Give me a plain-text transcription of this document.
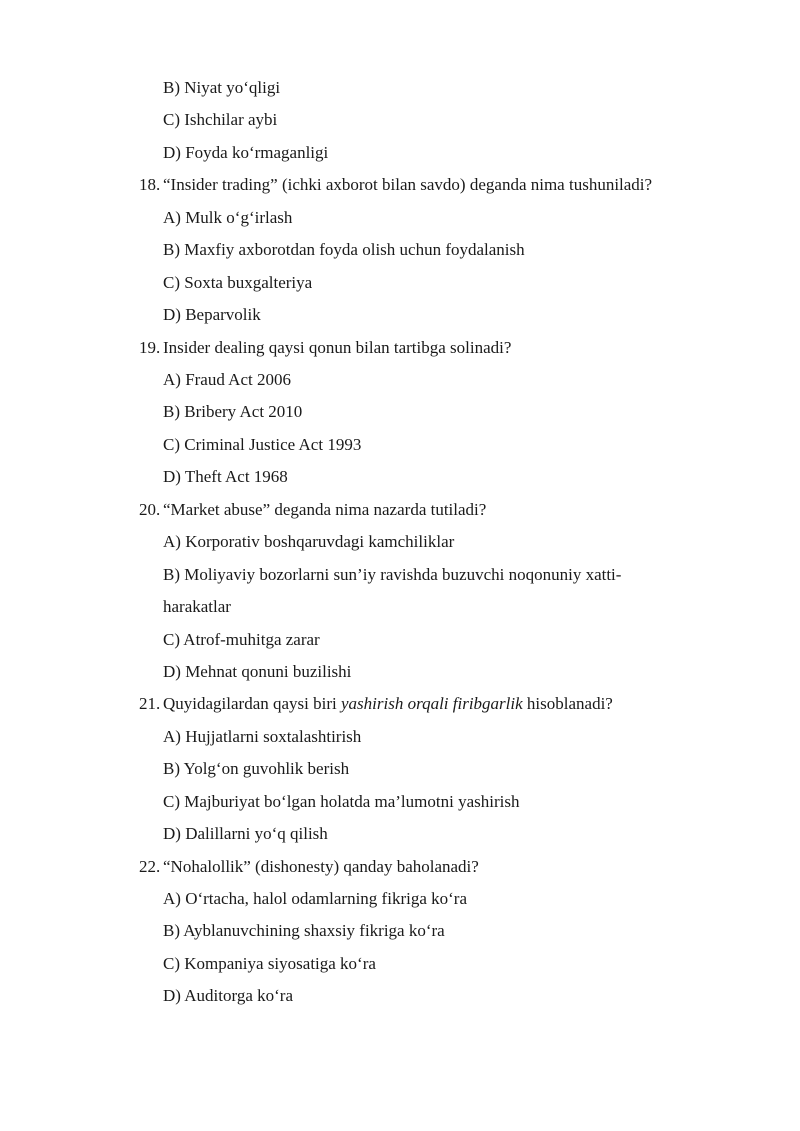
B) Niyat yo‘qligi
C) Ishchilar aybi
D) Foyda ko‘rmaganligi
18. “Insider trading” (ichki axborot bilan savdo) deganda nima tushuniladi?
A) Mulk o‘g‘irlash
B) Maxfiy axborotdan foyda olish uchun foydalanish
C) Soxta buxgalteriya
D) Beparvolik
19. Insider dealing qaysi qonun bilan tartibga solinadi?
A) Fraud Act 2006
B) Bribery Act 2010
C) Criminal Justice Act 1993
D) Theft Act 1968
20. “Market abuse” deganda nima nazarda tutiladi?
A) Korporativ boshqaruvdagi kamchiliklar
B) Moliyaviy bozorlarni sun’iy ravishda buzuvchi noqonuniy xatti-
harakatlar
C) Atrof-muhitga zarar
D) Mehnat qonuni buzilishi
21. Quyidagilardan qaysi biri yashirish orqali firibgarlik hisoblanadi?
A) Hujjatlarni soxtalashtirish
B) Yolg‘on guvohlik berish
C) Majburiyat bo‘lgan holatda ma’lumotni yashirish
D) Dalillarni yo‘q qilish
22. “Nohalollik” (dishonesty) qanday baholanadi?
A) O‘rtacha, halol odamlarning fikriga ko‘ra
B) Ayblanuvchining shaxsiy fikriga ko‘ra
C) Kompaniya siyosatiga ko‘ra
D) Auditorga ko‘ra
